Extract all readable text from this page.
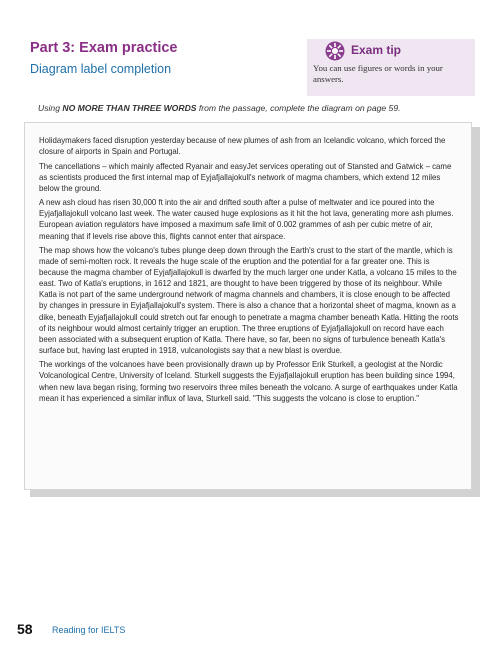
Part 3: Exam practice
Diagram label completion
Exam tip
You can use figures or words in your answers.
Using NO MORE THAN THREE WORDS from the passage, complete the diagram on page 59.

Holidaymakers faced disruption yesterday because of new plumes of ash from an Icelandic volcano, which forced the closure of airports in Spain and Portugal.

The cancellations – which mainly affected Ryanair and easyJet services operating out of Stansted and Gatwick – came as scientists produced the first internal map of Eyjafjallajokull's network of magma chambers, which extend 12 miles below the ground.

A new ash cloud has risen 30,000 ft into the air and drifted south after a pulse of meltwater and ice poured into the Eyjafjallajokull volcano last week. The water caused huge explosions as it hit the hot lava, generating more ash plumes. European aviation regulators have imposed a maximum safe limit of 0.002 grammes of ash per cubic metre of air, meaning that if levels rise above this, flights cannot enter that airspace.

The map shows how the volcano's tubes plunge deep down through the Earth's crust to the start of the mantle, which is made of semi-molten rock. It reveals the huge scale of the eruption and the potential for a far greater one. This is because the magma chamber of Eyjafjallajokull is dwarfed by the much larger one under Katla, a volcano 15 miles to the east. Two of Katla's eruptions, in 1612 and 1821, are thought to have been triggered by those of its neighbour. While Katla is not part of the same underground network of magma channels and chambers, it is close enough to be affected by changes in pressure in Eyjafjallajokull's system. There is also a chance that a horizontal sheet of magma, known as a dike, beneath Eyjafjallajokull could stretch out far enough to penetrate a magma chamber beneath Katla. Hitting the roots of its neighbour would almost certainly trigger an eruption. The three eruptions of Eyjafjallajokull on record have each been associated with a subsequent eruption of Katla. There have, so far, been no signs of turbulence beneath Katla's surface but, having last erupted in 1918, vulcanologists say that a new blast is overdue.

The workings of the volcanoes have been provisionally drawn up by Professor Erik Sturkell, a geologist at the Nordic Volcanological Centre, University of Iceland. Sturkell suggests the Eyjafjallajokull eruption has been building since 1994, when new lava began rising, forming two reservoirs three miles beneath the volcano. A surge of earthquakes under Katla mean it has experienced a similar influx of lava, Sturkell said. "This suggests the volcano is close to eruption."

58 Reading for IELTS
